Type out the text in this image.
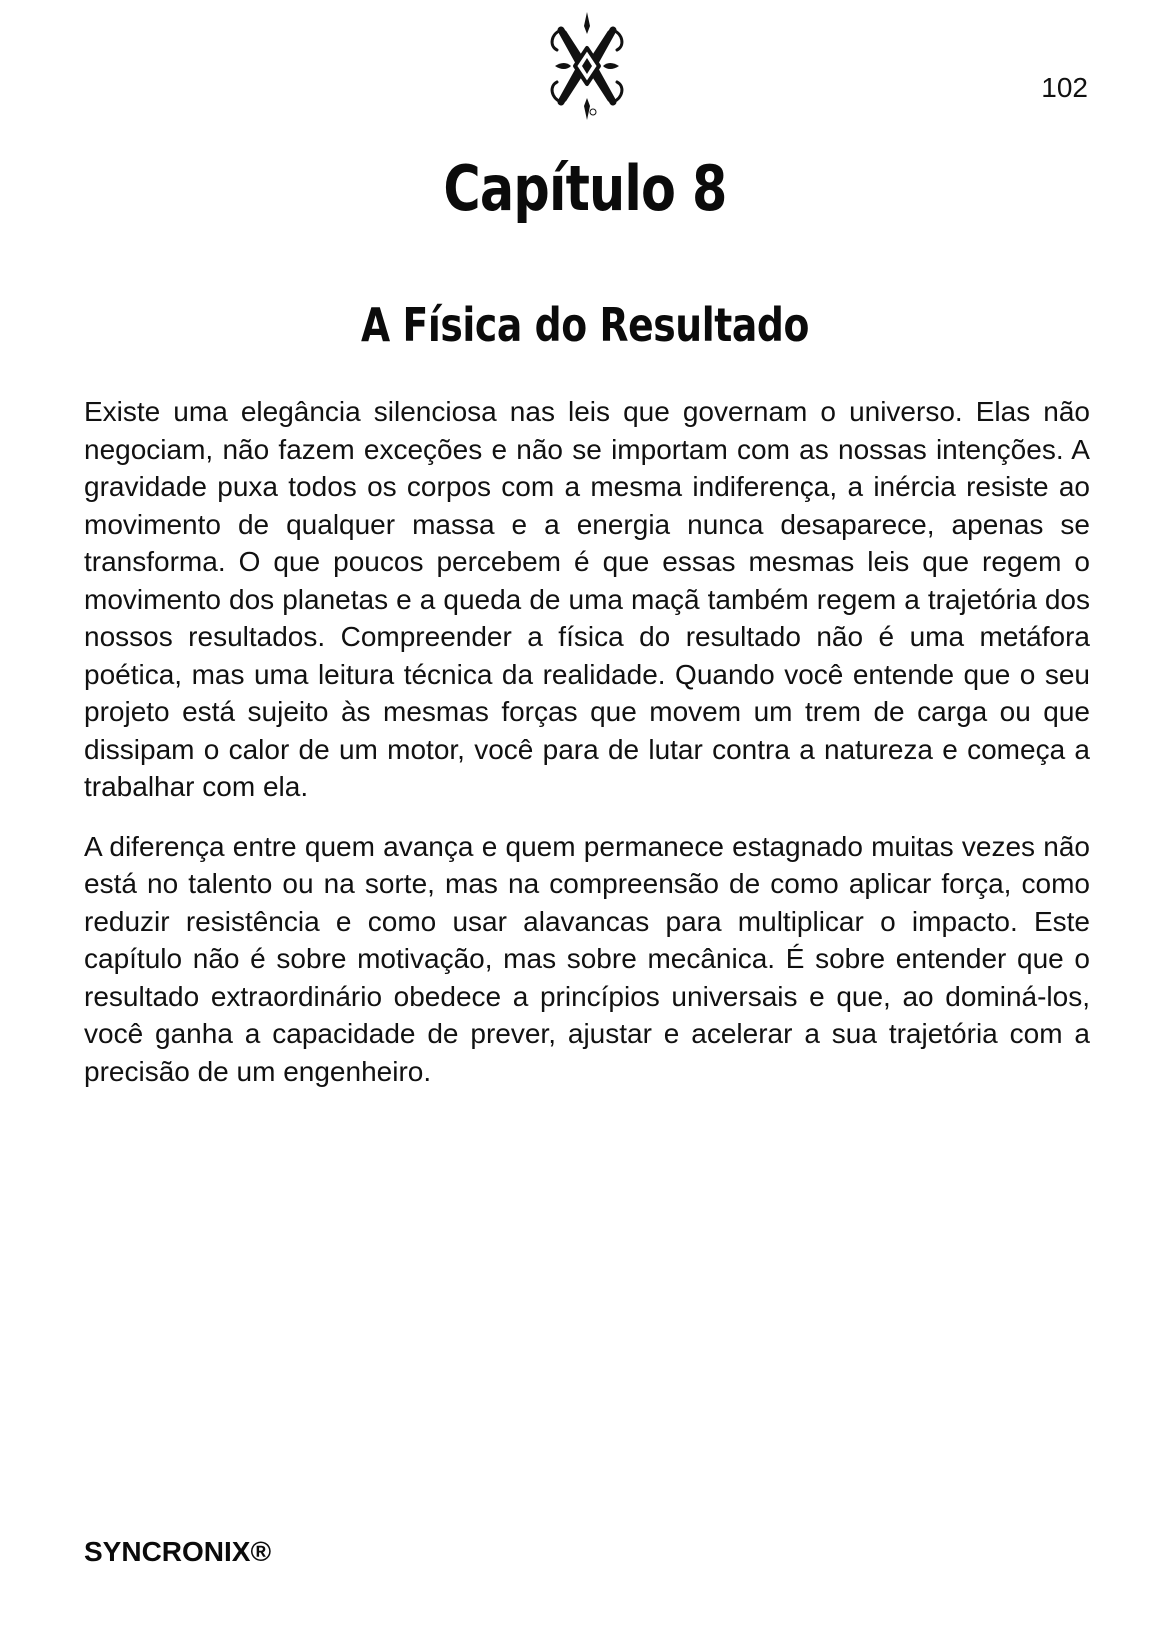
102
Capítulo 8
A Física do Resultado

Existe uma elegância silenciosa nas leis que governam o universo. Elas não negociam, não fazem exceções e não se importam com as nossas intenções. A gravidade puxa todos os corpos com a mesma indiferença, a inércia resiste ao movimento de qualquer massa e a energia nunca desaparece, apenas se transforma. O que poucos percebem é que essas mesmas leis que regem o movimento dos planetas e a queda de uma maçã também regem a trajetória dos nossos resultados. Compreender a física do resultado não é uma metáfora poética, mas uma leitura técnica da realidade. Quando você entende que o seu projeto está sujeito às mesmas forças que movem um trem de carga ou que dissipam o calor de um motor, você para de lutar contra a natureza e começa a trabalhar com ela.

A diferença entre quem avança e quem permanece estagnado muitas vezes não está no talento ou na sorte, mas na compreensão de como aplicar força, como reduzir resistência e como usar alavancas para multiplicar o impacto. Este capítulo não é sobre motivação, mas sobre mecânica. É sobre entender que o resultado extraordinário obedece a princípios universais e que, ao dominá-los, você ganha a capacidade de prever, ajustar e acelerar a sua trajetória com a precisão de um engenheiro.

SYNCRONIX®
